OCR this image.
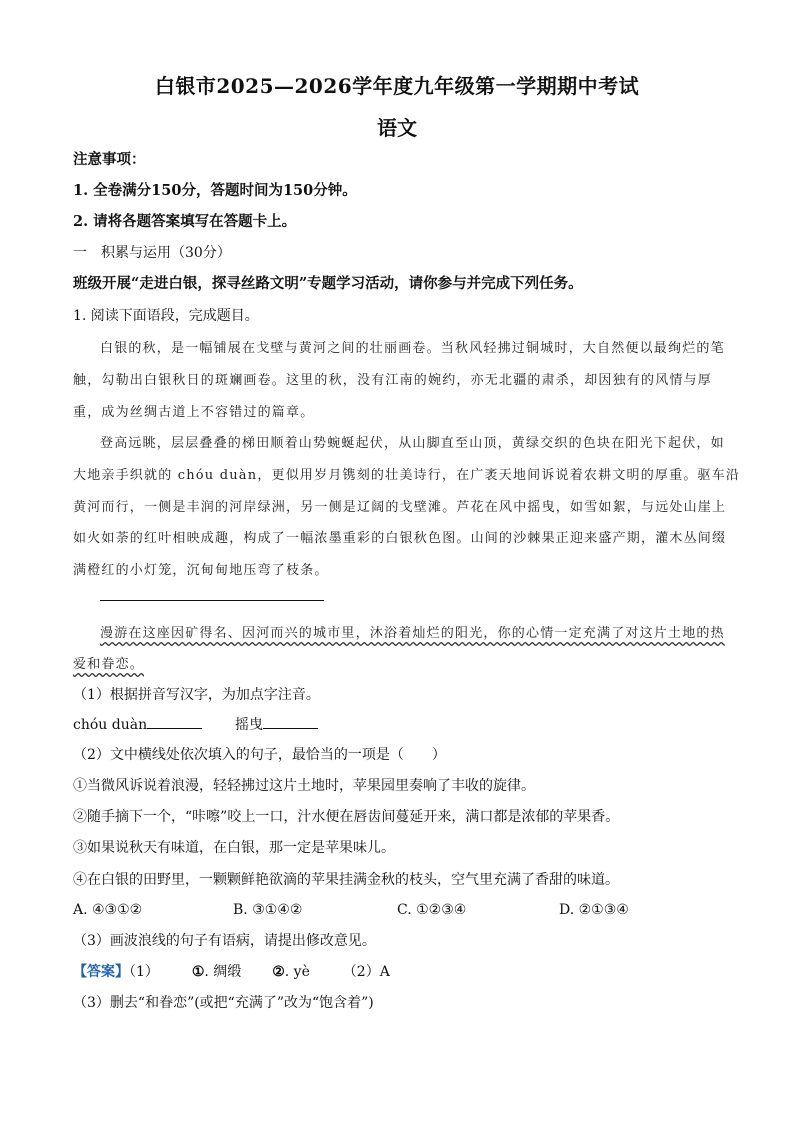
白银市2025—2026学年度九年级第一学期期中考试
语文
注意事项：
1. 全卷满分150分，答题时间为150分钟。
2. 请将各题答案填写在答题卡上。
一　积累与运用（30分）
班级开展“走进白银，探寻丝路文明”专题学习活动，请你参与并完成下列任务。
1. 阅读下面语段，完成题目。
白银的秋，是一幅铺展在戈壁与黄河之间的壮丽画卷。当秋风轻拂过铜城时，大自然便以最绚烂的笔
触，勾勒出白银秋日的斑斓画卷。这里的秋，没有江南的婉约，亦无北疆的肃杀，却因独有的风情与厚
重，成为丝绸古道上不容错过的篇章。
登高远眺，层层叠叠的梯田顺着山势蜿蜒起伏，从山脚直至山顶，黄绿交织的色块在阳光下起伏，如
大地亲手织就的 chóu duàn，更似用岁月镌刻的壮美诗行，在广袤天地间诉说着农耕文明的厚重。驱车沿
黄河而行，一侧是丰润的河岸绿洲，另一侧是辽阔的戈壁滩。芦花在风中摇曳，如雪如絮，与远处山崖上
如火如荼的红叶相映成趣，构成了一幅浓墨重彩的白银秋色图。山间的沙棘果正迎来盛产期，灌木丛间缀
满橙红的小灯笼，沉甸甸地压弯了枝条。
漫游在这座因矿得名、因河而兴的城市里，沐浴着灿烂的阳光，你的心情一定充满了对这片土地的热
爱和眷恋。
（1）根据拼音写汉字，为加点字注音。
chóu duàn	摇曳
（2）文中横线处依次填入的句子，最恰当的一项是（　　）
①当微风诉说着浪漫，轻轻拂过这片土地时，苹果园里奏响了丰收的旋律。
②随手摘下一个，“咔嚓”咬上一口，汁水便在唇齿间蔓延开来，满口都是浓郁的苹果香。
③如果说秋天有味道，在白银，那一定是苹果味儿。
④在白银的田野里，一颗颗鲜艳欲滴的苹果挂满金秋的枝头，空气里充满了香甜的味道。
A. ④③①②	B. ③①④②	C. ①②③④	D. ②①③④
（3）画波浪线的句子有语病，请提出修改意见。
【答案】（1） ①. 绸缎 ②. yè （2）A
（3）删去“和眷恋”(或把“充满了”改为“饱含着”)
